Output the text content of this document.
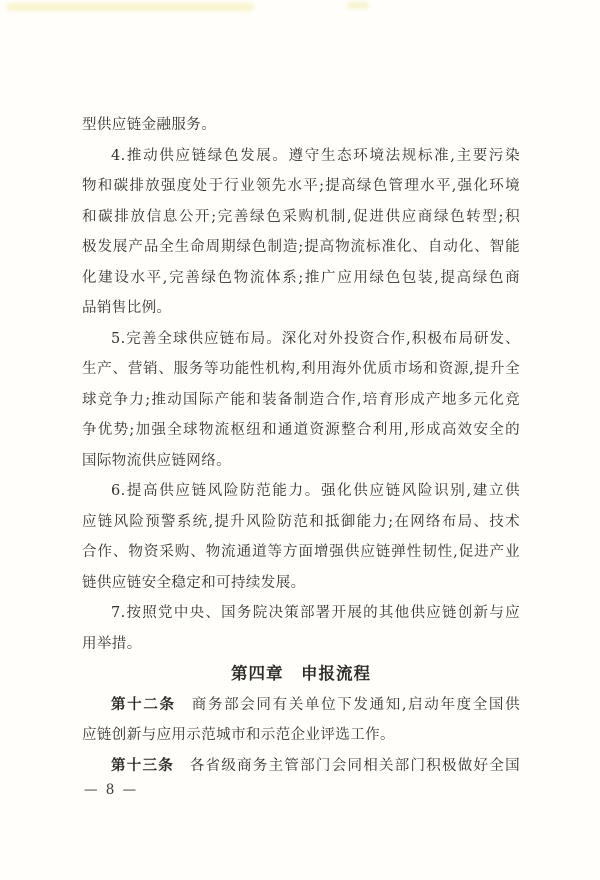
型供应链金融服务。
4.推动供应链绿色发展。遵守生态环境法规标准,主要污染
物和碳排放强度处于行业领先水平;提高绿色管理水平,强化环境
和碳排放信息公开;完善绿色采购机制,促进供应商绿色转型;积
极发展产品全生命周期绿色制造;提高物流标准化、自动化、智能
化建设水平,完善绿色物流体系;推广应用绿色包装,提高绿色商
品销售比例。
5.完善全球供应链布局。深化对外投资合作,积极布局研发、
生产、营销、服务等功能性机构,利用海外优质市场和资源,提升全
球竞争力;推动国际产能和装备制造合作,培育形成产地多元化竞
争优势;加强全球物流枢纽和通道资源整合利用,形成高效安全的
国际物流供应链网络。
6.提高供应链风险防范能力。强化供应链风险识别,建立供
应链风险预警系统,提升风险防范和抵御能力;在网络布局、技术
合作、物资采购、物流通道等方面增强供应链弹性韧性,促进产业
链供应链安全稳定和可持续发展。
7.按照党中央、国务院决策部署开展的其他供应链创新与应
用举措。
第四章　申报流程
第十二条　商务部会同有关单位下发通知,启动年度全国供
应链创新与应用示范城市和示范企业评选工作。
第十三条　各省级商务主管部门会同相关部门积极做好全国
— 8 —
